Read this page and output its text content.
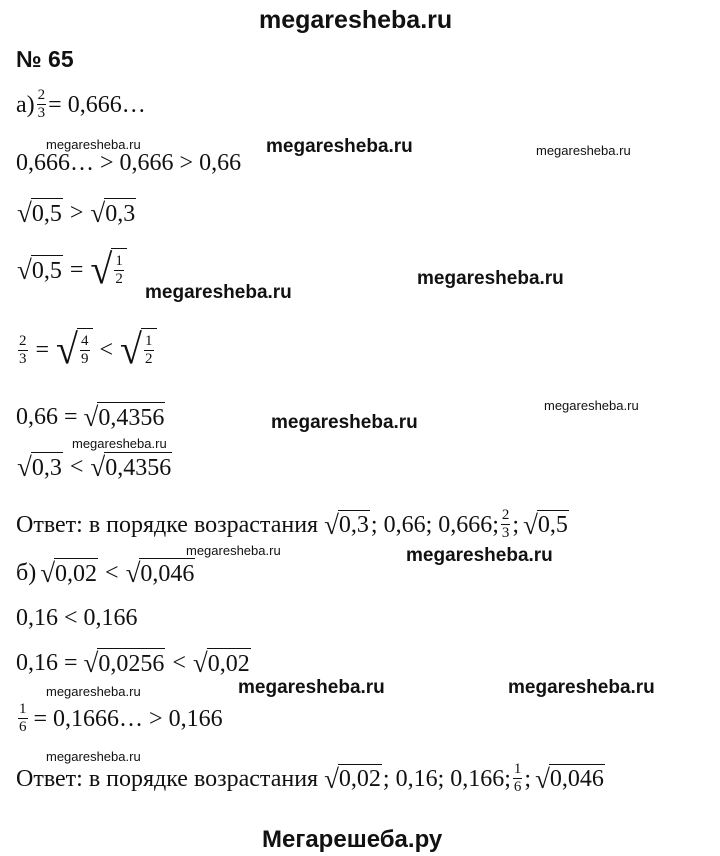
megaresheba.ru
№ 65
$а) \frac{2}{3}$ = 0,666…
0,666… > 0,666 > 0,66
√ 0,5 > √ 0,3
√ 0,5 = √ $\frac{1}{2}$
$\frac{2}{3}$ = √ $\frac{4}{9}$ < √ $\frac{1}{2}$
0,66 = √ 0,4356
√ 0,3 < √ 0,4356
Ответ: в порядке возрастания √ 0,3 ; 0,66; 0,666; $\frac{2}{3}$ ; √ 0,5
б) √ 0,02 < √ 0,046
0,16 < 0,166
0,16 = √ 0,0256 < √ 0,02
$\frac{1}{6}$ = 0,1666… > 0,166
Ответ: в порядке возрастания √ 0,02 ; 0,16; 0,166; $\frac{1}{6}$ ; √ 0,046
megaresheba.ru	megaresheba.ru	megaresheba.ru
megaresheba.ru
megaresheba.ru
megaresheba.ru
megaresheba.ru
megaresheba.ru
megaresheba.ru	megaresheba.ru
megaresheba.ru	megaresheba.ru	megaresheba.ru
megaresheba.ru
Мегарешеба.ру
